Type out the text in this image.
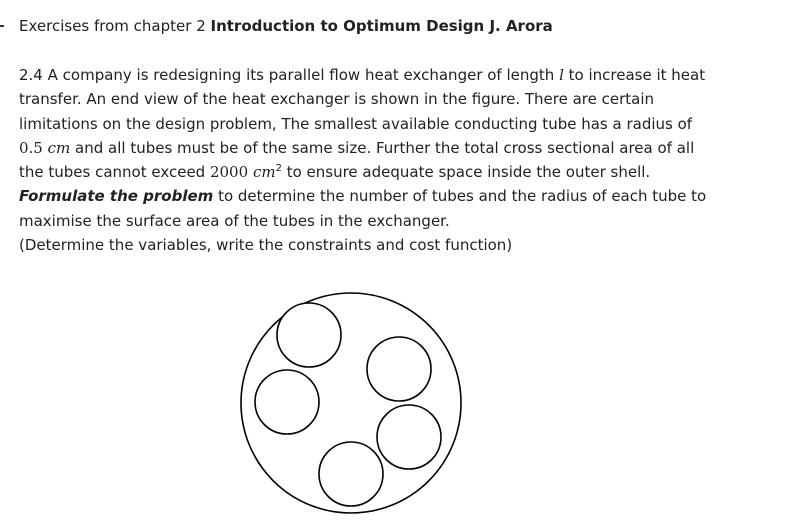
Exercises from chapter 2 Introduction to Optimum Design J. Arora
2.4 A company is redesigning its parallel flow heat exchanger of length l to increase it heat
transfer. An end view of the heat exchanger is shown in the figure. There are certain
limitations on the design problem, The smallest available conducting tube has a radius of
0.5 cm and all tubes must be of the same size. Further the total cross sectional area of all
the tubes cannot exceed 2000 $cm^2$ to ensure adequate space inside the outer shell.
Formulate the problem to determine the number of tubes and the radius of each tube to
maximise the surface area of the tubes in the exchanger.
(Determine the variables, write the constraints and cost function)
